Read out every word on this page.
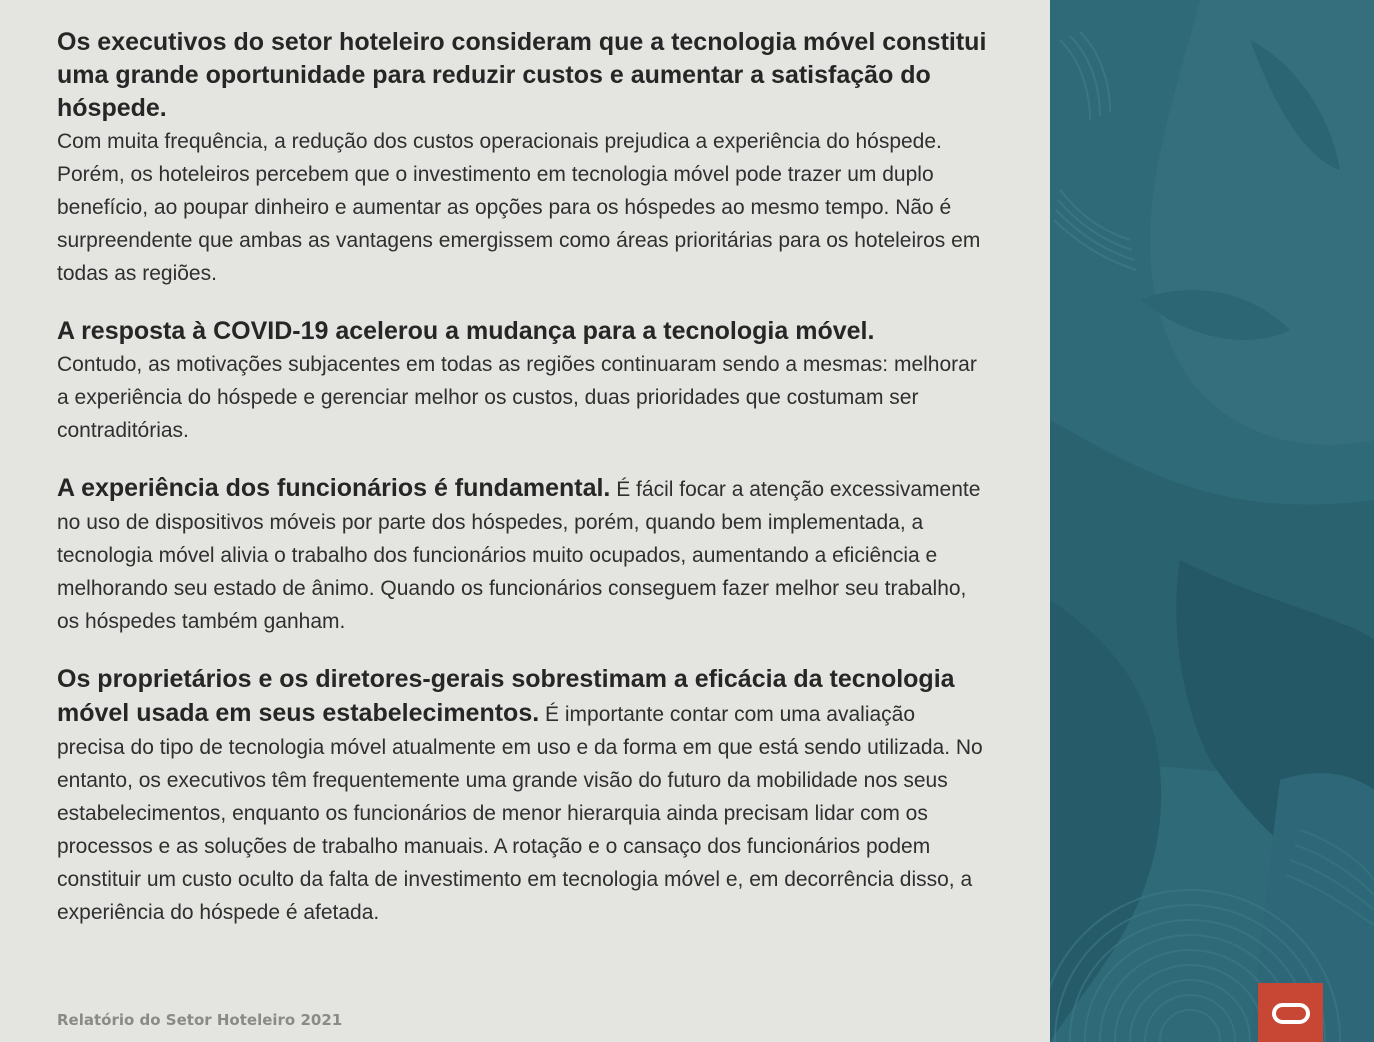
Os executivos do setor hoteleiro consideram que a tecnologia móvel constitui uma grande oportunidade para reduzir custos e aumentar a satisfação do hóspede.

Com muita frequência, a redução dos custos operacionais prejudica a experiência do hóspede. Porém, os hoteleiros percebem que o investimento em tecnologia móvel pode trazer um duplo benefício, ao poupar dinheiro e aumentar as opções para os hóspedes ao mesmo tempo. Não é surpreendente que ambas as vantagens emergissem como áreas prioritárias para os hoteleiros em todas as regiões.

A resposta à COVID-19 acelerou a mudança para a tecnologia móvel.

Contudo, as motivações subjacentes em todas as regiões continuaram sendo a mesmas: melhorar a experiência do hóspede e gerenciar melhor os custos, duas prioridades que costumam ser contraditórias.

A experiência dos funcionários é fundamental. É fácil focar a atenção excessivamente no uso de dispositivos móveis por parte dos hóspedes, porém, quando bem implementada, a tecnologia móvel alivia o trabalho dos funcionários muito ocupados, aumentando a eficiência e melhorando seu estado de ânimo. Quando os funcionários conseguem fazer melhor seu trabalho, os hóspedes também ganham.

Os proprietários e os diretores-gerais sobrestimam a eficácia da tecnologia móvel usada em seus estabelecimentos. É importante contar com uma avaliação precisa do tipo de tecnologia móvel atualmente em uso e da forma em que está sendo utilizada. No entanto, os executivos têm frequentemente uma grande visão do futuro da mobilidade nos seus estabelecimentos, enquanto os funcionários de menor hierarquia ainda precisam lidar com os processos e as soluções de trabalho manuais. A rotação e o cansaço dos funcionários podem constituir um custo oculto da falta de investimento em tecnologia móvel e, em decorrência disso, a experiência do hóspede é afetada.

Relatório do Setor Hoteleiro 2021
